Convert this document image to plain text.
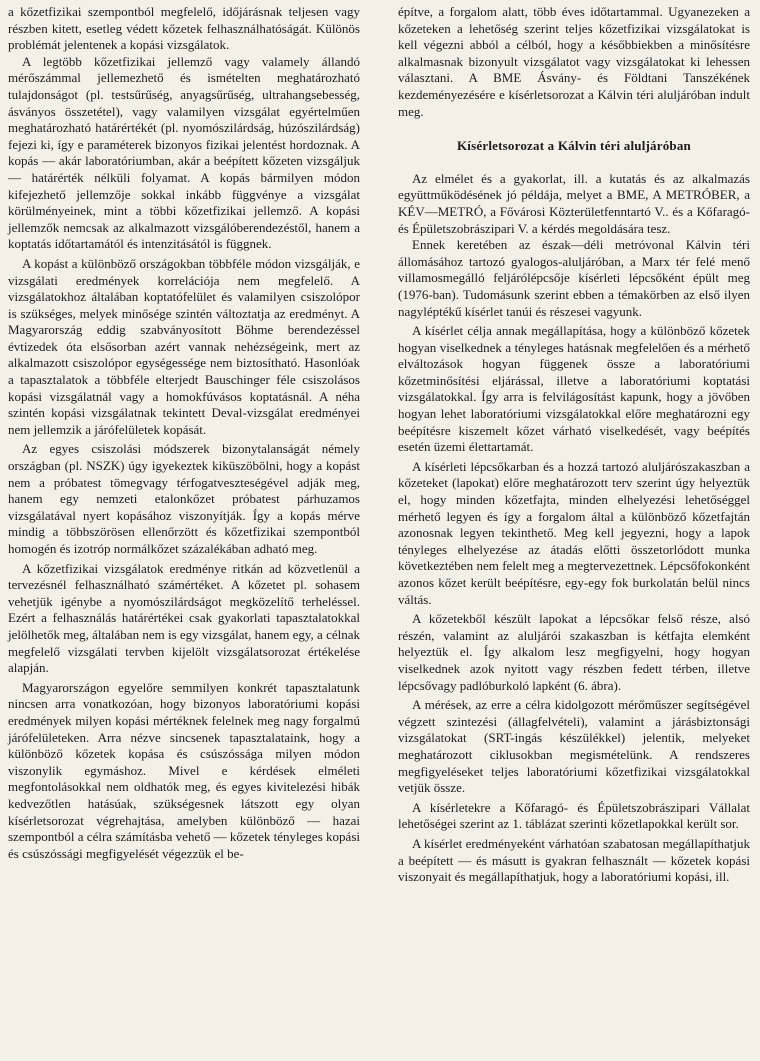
a kőzetfizikai szempontból megfelelő, időjárásnak teljesen vagy részben kitett, esetleg védett kőzetek felhasználhatóságát. Különös problémát jelentenek a kopási vizsgálatok.

A legtöbb kőzetfizikai jellemző vagy valamely állandó mérőszámmal jellemezhető és ismételten meghatározható tulajdonságot (pl. testsűrűség, anyagsűrűség, ultrahangsebesség, ásványos összetétel), vagy valamilyen vizsgálat egyértelműen meghatározható határértékét (pl. nyomószilárdság, húzószilárdság) fejezi ki, így e paraméterek bizonyos fizikai jelentést hordoznak. A kopás — akár laboratóriumban, akár a beépített kőzeten vizsgáljuk — határérték nélküli folyamat. A kopás bármilyen módon kifejezhető jellemzője sokkal inkább függvénye a vizsgálat körülményeinek, mint a többi kőzetfizikai jellemző. A kopási jellemzők nemcsak az alkalmazott vizsgálóberendezéstől, hanem a koptatás időtartamától és intenzitásától is függnek.

A kopást a különböző országokban többféle módon vizsgálják, e vizsgálati eredmények korrelációja nem megfelelő. A vizsgálatokhoz általában koptatófelület és valamilyen csiszolópor is szükséges, melyek minősége szintén változtatja az eredményt. A Magyarország eddig szabványosított Böhme berendezéssel évtizedek óta elsősorban azért vannak nehézségeink, mert az alkalmazott csiszolópor egységessége nem biztosítható. Hasonlóak a tapasztalatok a többféle elterjedt Bauschinger féle csiszolásos kopási vizsgálatnál vagy a homokfúvásos koptatásnál. A néha szintén kopási vizsgálatnak tekintett Deval-vizsgálat eredményei nem jellemzik a járófelületek kopását.

Az egyes csiszolási módszerek bizonytalanságát némely országban (pl. NSZK) úgy igyekeztek kiküszöbölni, hogy a kopást nem a próbatest tömegvagy térfogatveszteségével adják meg, hanem egy nemzeti etalonkőzet próbatest párhuzamos vizsgálatával nyert kopásához viszonyítják. Így a kopás mérve mindig a többszörösen ellenőrzött és kőzetfizikai szempontból homogén és izotróp normálkőzet százalékában adható meg.

A kőzetfizikai vizsgálatok eredménye ritkán ad közvetlenül a tervezésnél felhasználható számértéket. A kőzetet pl. sohasem vehetjük igénybe a nyomószilárdságot megközelítő terheléssel. Ezért a felhasználás határértékei csak gyakorlati tapasztalatokkal jelölhetők meg, általában nem is egy vizsgálat, hanem egy, a célnak megfelelő vizsgálati tervben kijelölt vizsgálatsorozat értékelése alapján.

Magyarországon egyelőre semmilyen konkrét tapasztalatunk nincsen arra vonatkozóan, hogy bizonyos laboratóriumi kopási eredmények milyen kopási mértéknek felelnek meg nagy forgalmú járófelületeken. Arra nézve sincsenek tapasztalataink, hogy a különböző kőzetek kopása és csúszóssága milyen módon viszonylik egymáshoz. Mivel e kérdések elméleti megfontolásokkal nem oldhatók meg, és egyes kivitelezési hibák kedvezőtlen hatásúak, szükségesnek látszott egy olyan kísérletsorozat végrehajtása, amelyben különböző — hazai szempontból a célra számításba vehető — kőzetek tényleges kopási és csúszóssági megfigyelését végezzük el be-

építve, a forgalom alatt, több éves időtartammal. Ugyanezeken a kőzeteken a lehetőség szerint teljes kőzetfizikai vizsgálatokat is kell végezni abból a célból, hogy a későbbiekben a minősítésre alkalmasnak bizonyult vizsgálatot vagy vizsgálatokat ki lehessen választani. A BME Ásvány- és Földtani Tanszékének kezdeményezésére e kísérletsorozat a Kálvin téri aluljáróban indult meg.

Kísérletsorozat a Kálvin téri aluljáróban

Az elmélet és a gyakorlat, ill. a kutatás és az alkalmazás együttműködésének jó példája, melyet a BME, A METRÓBER, a KÉV—METRÓ, a Fővárosi Közterületfenntartó V.. és a Kőfaragó- és Épületszobrászipari V. a kérdés megoldására tesz.

Ennek keretében az észak—déli metróvonal Kálvin téri állomásához tartozó gyalogos-aluljáróban, a Marx tér felé menő villamosmegálló feljárólépcsője kísérleti lépcsőként épült meg (1976-ban). Tudomásunk szerint ebben a témakörben az első ilyen nagyléptékű kísérlet tanúi és részesei vagyunk.

A kísérlet célja annak megállapítása, hogy a különböző kőzetek hogyan viselkednek a tényleges hatásnak megfelelően és a mérhető elváltozások hogyan függenek össze a laboratóriumi kőzetminősítési eljárással, illetve a laboratóriumi koptatási vizsgálatokkal. Így arra is felvilágosítást kapunk, hogy a jövőben hogyan lehet laboratóriumi vizsgálatokkal előre meghatározni egy beépítésre kiszemelt kőzet várható viselkedését, vagy beépítés esetén üzemi élettartamát.

A kísérleti lépcsőkarban és a hozzá tartozó aluljárószakaszban a kőzeteket (lapokat) előre meghatározott terv szerint úgy helyeztük el, hogy minden kőzetfajta, minden elhelyezési lehetőséggel mérhető legyen és így a forgalom által a különböző kőzetfajtán azonosnak legyen tekinthető. Meg kell jegyezni, hogy a lapok tényleges elhelyezése az átadás előtti összetorlódott munka következtében nem felelt meg a megtervezettnek. Lépcsőfokonként azonos kőzet került beépítésre, egy-egy fok burkolatán belül nincs váltás.

A kőzetekből készült lapokat a lépcsőkar felső része, alsó részén, valamint az aluljárói szakaszban is kétfajta elemként helyeztük el. Így alkalom lesz megfigyelni, hogy hogyan viselkednek azok nyitott vagy részben fedett térben, illetve lépcsővagy padlóburkoló lapként (6. ábra).

A mérések, az erre a célra kidolgozott mérőműszer segítségével végzett szintezési (állagfelvételi), valamint a járásbiztonsági vizsgálatokat (SRT-ingás készülékkel) jelentik, melyeket meghatározott ciklusokban megismételünk. A rendszeres megfigyeléseket teljes laboratóriumi kőzetfizikai vizsgálatokkal vetjük össze.

A kísérletekre a Kőfaragó- és Épületszobrászipari Vállalat lehetőségei szerint az 1. táblázat szerinti kőzetlapokkal került sor.

A kísérlet eredményeként várhatóan szabatosan megállapíthatjuk a beépített — és másutt is gyakran felhasznált — kőzetek kopási viszonyait és megállapíthatjuk, hogy a laboratóriumi kopási, ill.
